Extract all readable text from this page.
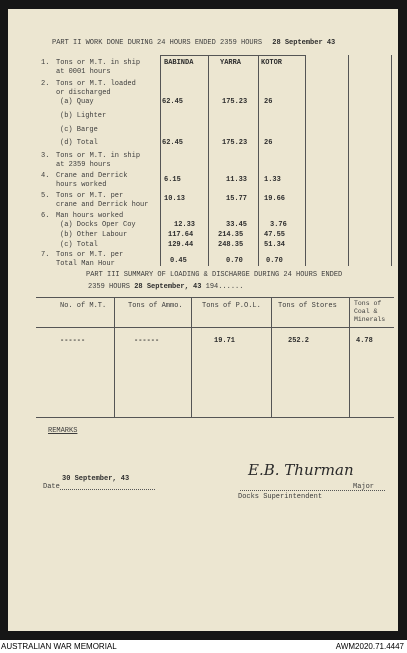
PART II WORK DONE DURING 24 HOURS ENDED 2359 HOURS 28 September 43
BABINDA	YARRA	KOTOR
1. Tons or M.T. in ship
at 0001 hours
2. Tons or M.T. loaded
or discharged
(a) Quay	62.45	175.23 26
(b) Lighter
(c) Barge
(d) Total	62.45	175.23 26
3. Tons or M.T. in ship
at 2359 hours
4. Crane and Derrick
hours worked
6.15	11.33 1.33
5. Tons or M.T. per
crane and Derrick hour
10.13	15.77 19.66
6. Man hours worked
(a) Docks Oper Coy	12.33	33.45	3.76
(b) Other Labour	117.64	214.35	47.55
(c) Total	129.44	248.35	51.34
7. Tons or M.T. per
Total Man Hour	0.45	0.70	0.70
PART III SUMMARY OF LOADING & DISCHARGE DURING 24 HOURS ENDED
2359 HOURS 28 September, 43 194......
No. of M.T.	Tons of Ammo.	Tons of P.O.L. Tons of Stores	Tons of Coal & Minerals
------	------	19.71	252.2	4.78
REMARKS
30 September, 43
Date
E.B. Thurman
Major
Docks Superintendent
AUSTRALIAN WAR MEMORIAL	AWM2020.71.4447
